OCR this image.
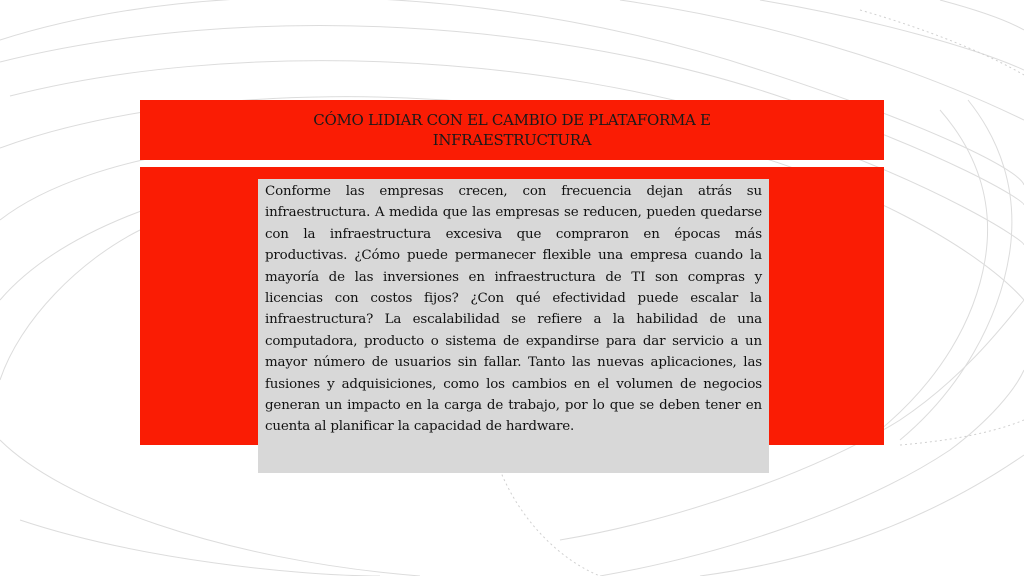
CÓMO LIDIAR CON EL CAMBIO DE PLATAFORMA E INFRAESTRUCTURA

Conforme las empresas crecen, con frecuencia dejan atrás su infraestructura. A medida que las empresas se reducen, pueden quedarse con la infraestructura excesiva que compraron en épocas más productivas. ¿Cómo puede permanecer flexible una empresa cuando la mayoría de las inversiones en infraestructura de TI son compras y licencias con costos fijos? ¿Con qué efectividad puede escalar la infraestructura? La escalabilidad se refiere a la habilidad de una computadora, producto o sistema de expandirse para dar servicio a un mayor número de usuarios sin fallar. Tanto las nuevas aplicaciones, las fusiones y adquisiciones, como los cambios en el volumen de negocios generan un impacto en la carga de trabajo, por lo que se deben tener en cuenta al planificar la capacidad de hardware.
